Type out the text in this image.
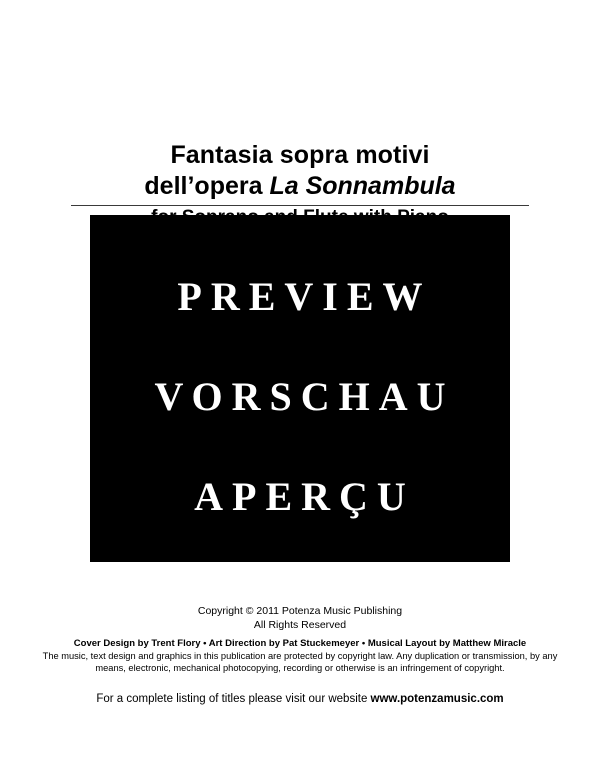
Fantasia sopra motivi
dell’opera La Sonnambula
PREVIEW
VORSCHAU
APERÇU
Copyright © 2011 Potenza Music Publishing
All Rights Reserved
Cover Design by Trent Flory • Art Direction by Pat Stuckemeyer • Musical Layout by Matthew Miracle
The music, text design and graphics in this publication are protected by copyright law. Any duplication or transmission, by any means, electronic, mechanical photocopying, recording or otherwise is an infringement of copyright.
For a complete listing of titles please visit our website www.potenzamusic.com
